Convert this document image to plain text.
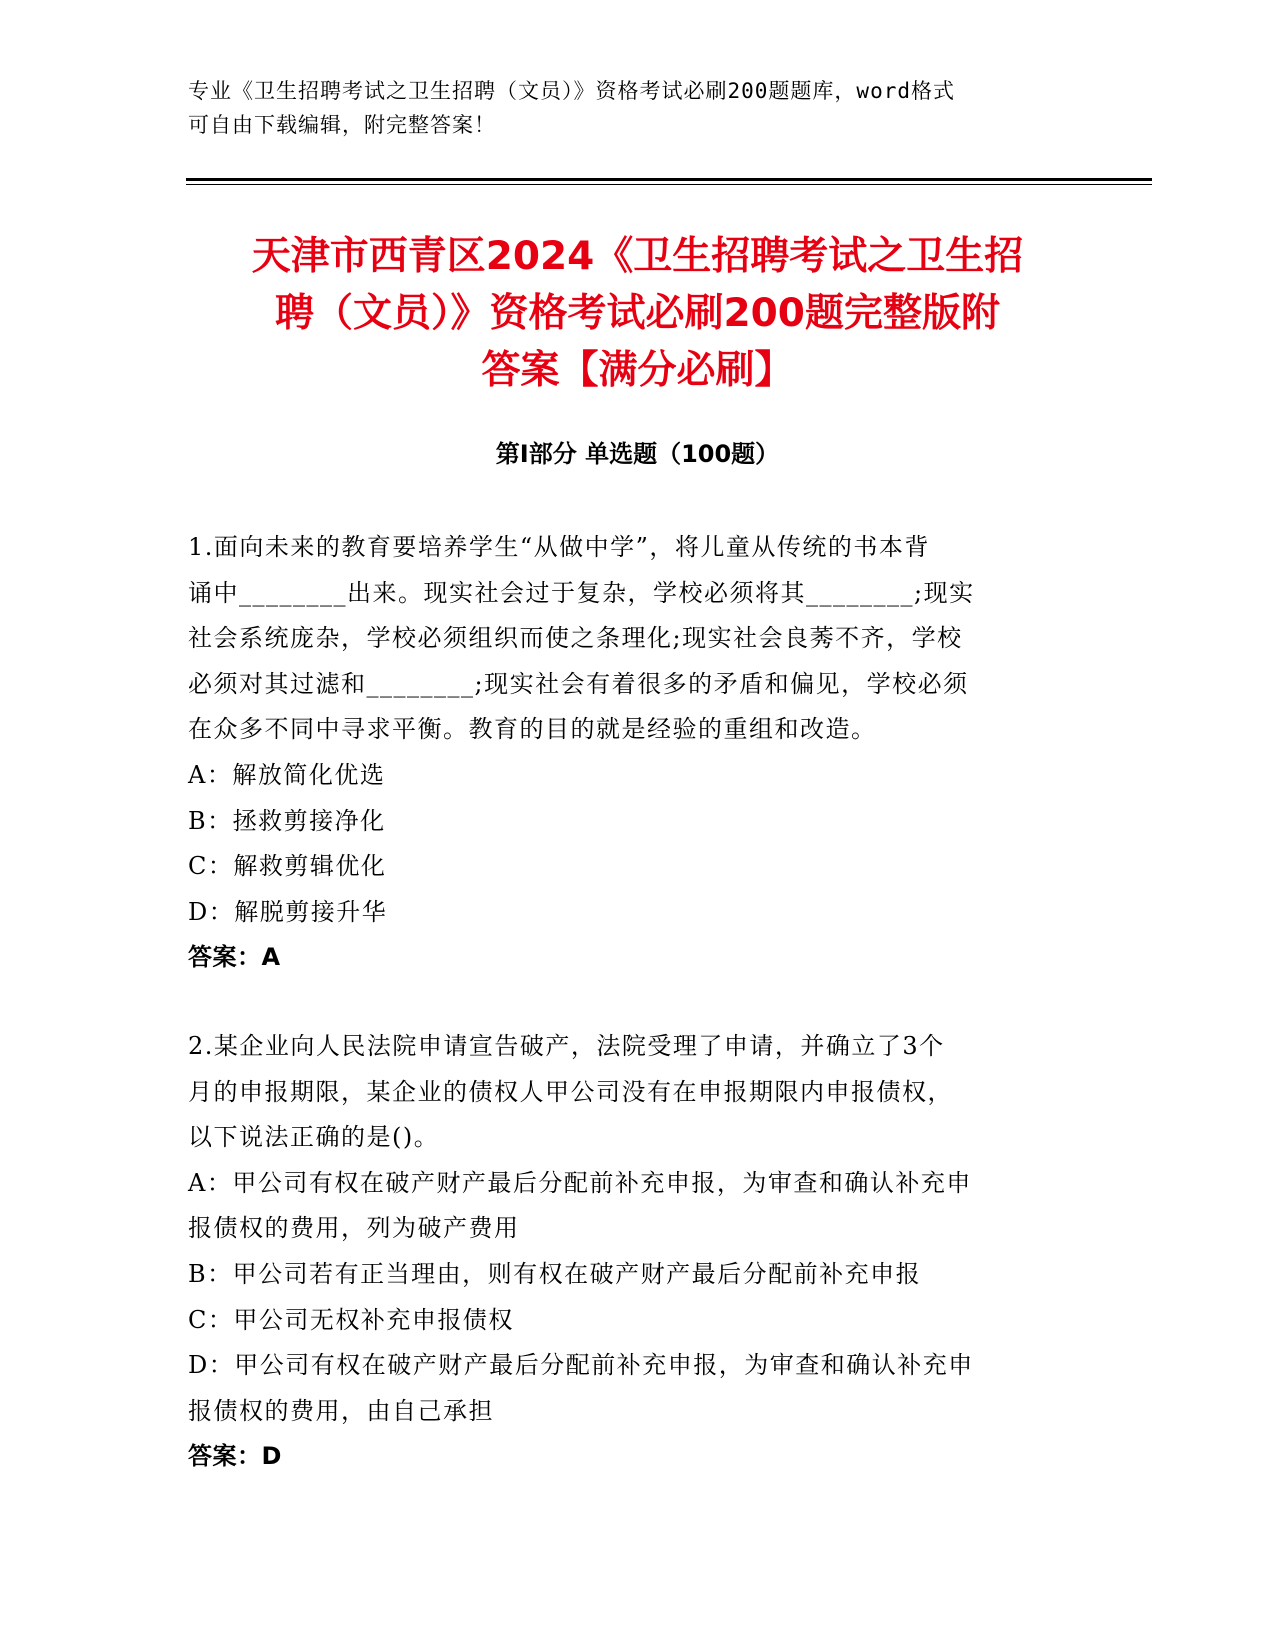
专业《卫生招聘考试之卫生招聘（文员）》资格考试必刷200题题库，word格式
可自由下载编辑，附完整答案！
天津市西青区2024《卫生招聘考试之卫生招
聘（文员）》资格考试必刷200题完整版附
答案【满分必刷】
第I部分 单选题（100题）
1.面向未来的教育要培养学生“从做中学”，将儿童从传统的书本背
诵中________出来。现实社会过于复杂，学校必须将其________;现实
社会系统庞杂，学校必须组织而使之条理化;现实社会良莠不齐，学校
必须对其过滤和________;现实社会有着很多的矛盾和偏见，学校必须
在众多不同中寻求平衡。教育的目的就是经验的重组和改造。
A：解放简化优选
B：拯救剪接净化
C：解救剪辑优化
D：解脱剪接升华
答案：A
2.某企业向人民法院申请宣告破产，法院受理了申请，并确立了3个
月的申报期限，某企业的债权人甲公司没有在申报期限内申报债权，
以下说法正确的是()。
A：甲公司有权在破产财产最后分配前补充申报，为审查和确认补充申
报债权的费用，列为破产费用
B：甲公司若有正当理由，则有权在破产财产最后分配前补充申报
C：甲公司无权补充申报债权
D：甲公司有权在破产财产最后分配前补充申报，为审查和确认补充申
报债权的费用，由自己承担
答案：D
